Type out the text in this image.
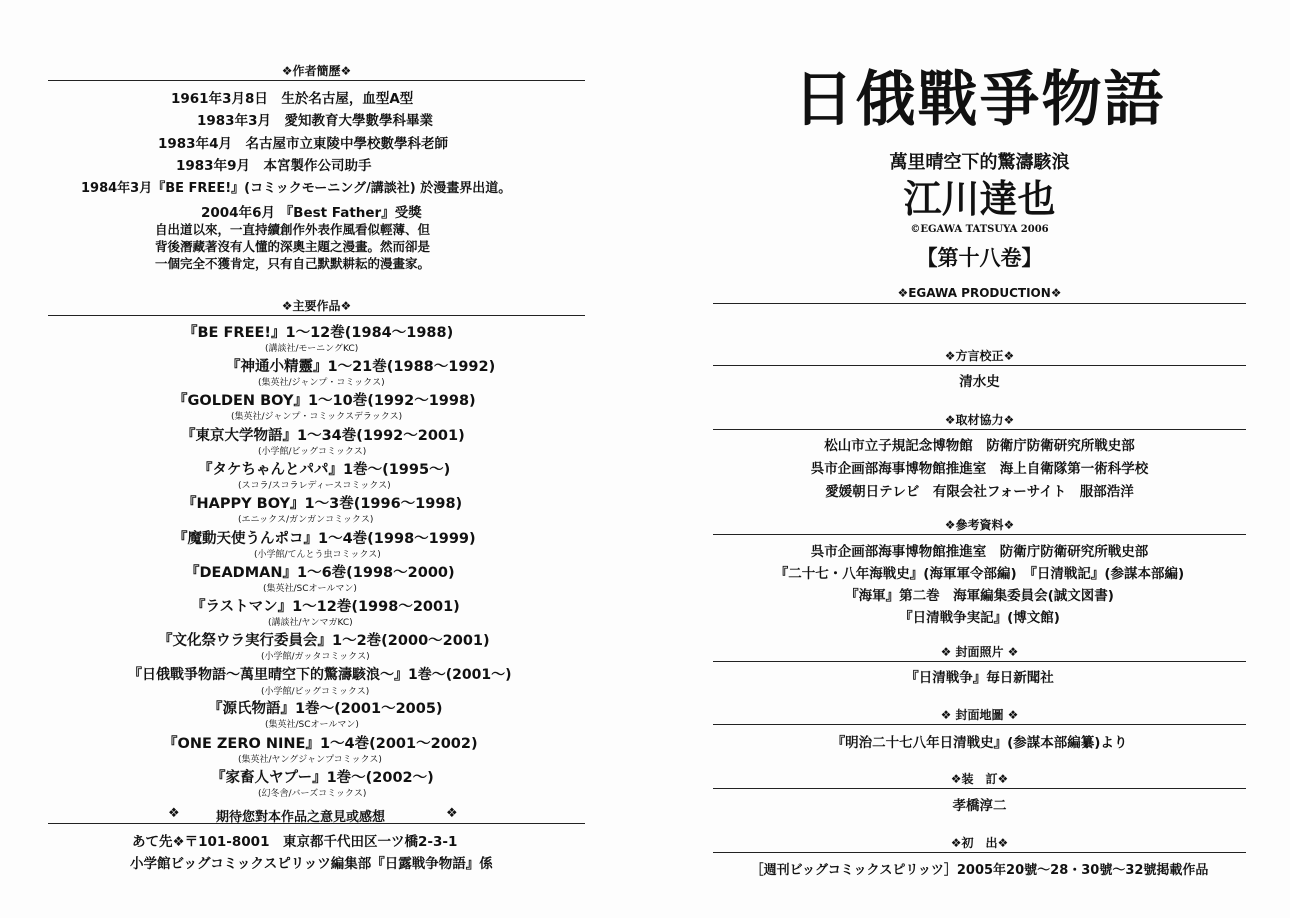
❖作者簡歷❖
1961年3月8日　生於名古屋，血型A型
1983年3月　愛知教育大學數學科畢業
1983年4月　名古屋市立東陵中學校數學科老師
1983年9月　本宮製作公司助手
1984年3月『BE FREE!』(コミックモーニング/講談社) 於漫畫界出道。
2004年6月 『Best Father』受獎
自出道以來，一直持續創作外表作風看似輕薄、但
背後潛藏著沒有人懂的深奧主題之漫畫。然而卻是
一個完全不獲肯定，只有自己默默耕耘的漫畫家。
❖主要作品❖
『BE FREE!』1〜12巻(1984〜1988)
(講談社/モーニングKC)
『神通小精靈』1〜21巻(1988〜1992)
(集英社/ジャンプ・コミックス)
『GOLDEN BOY』1〜10巻(1992〜1998)
(集英社/ジャンプ・コミックスデラックス)
『東京大学物語』1〜34巻(1992〜2001)
(小学館/ビッグコミックス)
『タケちゃんとパパ』1巻〜(1995〜)
(スコラ/スコラレディースコミックス)
『HAPPY BOY』1〜3巻(1996〜1998)
(エニックス/ガンガンコミックス)
『魔動天使うんポコ』1〜4巻(1998〜1999)
(小学館/てんとう虫コミックス)
『DEADMAN』1〜6巻(1998〜2000)
(集英社/SCオールマン)
『ラストマン』1〜12巻(1998〜2001)
(講談社/ヤンマガKC)
『文化祭ウラ実行委員会』1〜2巻(2000〜2001)
(小学館/ガッタコミックス)
『日俄戰爭物語〜萬里晴空下的驚濤駭浪〜』1巻〜(2001〜)
(小学館/ビッグコミックス)
『源氏物語』1巻〜(2001〜2005)
(集英社/SCオールマン)
『ONE ZERO NINE』1〜4巻(2001〜2002)
(集英社/ヤングジャンプコミックス)
『家畜人ヤプー』1巻〜(2002〜)
(幻冬舎/バーズコミックス)
❖	期待您對本作品之意見或感想	❖
あて先❖〒101-8001　東京都千代田区一ツ橋2-3-1
小学館ビッグコミックスピリッツ編集部『日露戦争物語』係
日俄戰爭物語
萬里晴空下的驚濤駭浪
江川達也
©EGAWA TATSUYA 2006
【第十八卷】
❖EGAWA PRODUCTION❖
❖方言校正❖
清水史
❖取材協力❖
松山市立子規記念博物館　防衛庁防衛研究所戦史部
呉市企画部海事博物館推進室　海上自衛隊第一術科学校
愛媛朝日テレビ　有限会社フォーサイト　服部浩洋
❖參考資料❖
呉市企画部海事博物館推進室　防衛庁防衛研究所戦史部
『二十七・八年海戦史』(海軍軍令部編)　『日清戦記』(参謀本部編)
『海軍』第二巻　海軍編集委員会(誠文図書)
『日清戦争実記』(博文館)
❖ 封面照片 ❖
『日清戦争』毎日新聞社
❖ 封面地圖 ❖
『明治二十七八年日清戦史』(参謀本部編纂)より
❖装　訂❖
孝橋淳二
❖初　出❖
［週刊ビッグコミックスピリッツ］2005年20號〜28・30號〜32號掲載作品
